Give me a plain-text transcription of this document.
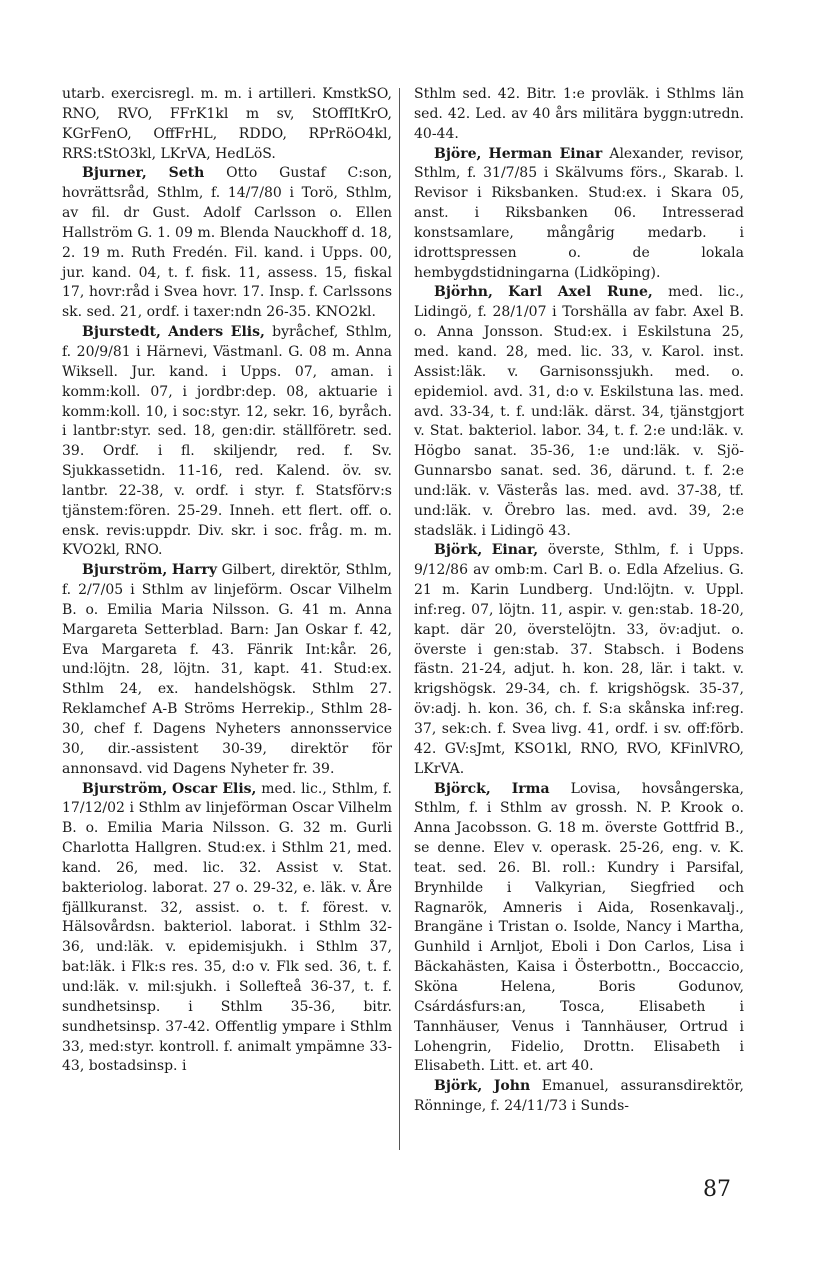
utarb. exercisregl. m. m. i artilleri. KmstkSO, RNO, RVO, FFrK1kl m sv, StOffItKrO, KGrFenO, OffFrHL, RDDO, RPrRöO4kl, RRS:tStO3kl, LKrVA, HedLöS.

Bjurner, Seth Otto Gustaf C:son, hovrättsråd, Sthlm, f. 14/7/80 i Torö, Sthlm, av fil. dr Gust. Adolf Carlsson o. Ellen Hallström G. 1. 09 m. Blenda Nauckhoff d. 18, 2. 19 m. Ruth Fredén. Fil. kand. i Upps. 00, jur. kand. 04, t. f. fisk. 11, assess. 15, fiskal 17, hovr:råd i Svea hovr. 17. Insp. f. Carlssons sk. sed. 21, ordf. i taxer:ndn 26-35. KNO2kl.

Bjurstedt, Anders Elis, byråchef, Sthlm, f. 20/9/81 i Härnevi, Västmanl. G. 08 m. Anna Wiksell. Jur. kand. i Upps. 07, aman. i komm:koll. 07, i jordbr:dep. 08, aktuarie i komm:koll. 10, i soc:styr. 12, sekr. 16, byråch. i lantbr:styr. sed. 18, gen:dir. ställföretr. sed. 39. Ordf. i fl. skiljendr, red. f. Sv. Sjukkassetidn. 11-16, red. Kalend. öv. sv. lantbr. 22-38, v. ordf. i styr. f. Statsförv:s tjänstem:fören. 25-29. Inneh. ett flert. off. o. ensk. revis:uppdr. Div. skr. i soc. fråg. m. m. KVO2kl, RNO.

Bjurström, Harry Gilbert, direktör, Sthlm, f. 2/7/05 i Sthlm av linjeförm. Oscar Vilhelm B. o. Emilia Maria Nilsson. G. 41 m. Anna Margareta Setterblad. Barn: Jan Oskar f. 42, Eva Margareta f. 43. Fänrik Int:kår. 26, und:löjtn. 28, löjtn. 31, kapt. 41. Stud:ex. Sthlm 24, ex. handelshögsk. Sthlm 27. Reklamchef A-B Ströms Herrekip., Sthlm 28-30, chef f. Dagens Nyheters annonsservice 30, dir.-assistent 30-39, direktör för annonsavd. vid Dagens Nyheter fr. 39.

Bjurström, Oscar Elis, med. lic., Sthlm, f. 17/12/02 i Sthlm av linjeförman Oscar Vilhelm B. o. Emilia Maria Nilsson. G. 32 m. Gurli Charlotta Hallgren. Stud:ex. i Sthlm 21, med. kand. 26, med. lic. 32. Assist v. Stat. bakteriolog. laborat. 27 o. 29-32, e. läk. v. Åre fjällkuranst. 32, assist. o. t. f. förest. v. Hälsovårdsn. bakteriol. laborat. i Sthlm 32-36, und:läk. v. epidemisjukh. i Sthlm 37, bat:läk. i Flk:s res. 35, d:o v. Flk sed. 36, t. f. und:läk. v. mil:sjukh. i Sollefteå 36-37, t. f. sundhetsinsp. i Sthlm 35-36, bitr. sundhetsinsp. 37-42. Offentlig ympare i Sthlm 33, med:styr. kontroll. f. animalt ympämne 33-43, bostadsinsp. i

Sthlm sed. 42. Bitr. 1:e provläk. i Sthlms län sed. 42. Led. av 40 års militära byggn:utredn. 40-44.

Björe, Herman Einar Alexander, revisor, Sthlm, f. 31/7/85 i Skälvums förs., Skarab. l. Revisor i Riksbanken. Stud:ex. i Skara 05, anst. i Riksbanken 06. Intresserad konstsamlare, mångårig medarb. i idrottspressen o. de lokala hembygdstidningarna (Lidköping).

Björhn, Karl Axel Rune, med. lic., Lidingö, f. 28/1/07 i Torshälla av fabr. Axel B. o. Anna Jonsson. Stud:ex. i Eskilstuna 25, med. kand. 28, med. lic. 33, v. Karol. inst. Assist:läk. v. Garnisonssjukh. med. o. epidemiol. avd. 31, d:o v. Eskilstuna las. med. avd. 33-34, t. f. und:läk. därst. 34, tjänstgjort v. Stat. bakteriol. labor. 34, t. f. 2:e und:läk. v. Högbo sanat. 35-36, 1:e und:läk. v. Sjö-Gunnarsbo sanat. sed. 36, därund. t. f. 2:e und:läk. v. Västerås las. med. avd. 37-38, tf. und:läk. v. Örebro las. med. avd. 39, 2:e stadsläk. i Lidingö 43.

Björk, Einar, överste, Sthlm, f. i Upps. 9/12/86 av omb:m. Carl B. o. Edla Afzelius. G. 21 m. Karin Lundberg. Und:löjtn. v. Uppl. inf:reg. 07, löjtn. 11, aspir. v. gen:stab. 18-20, kapt. där 20, överstelöjtn. 33, öv:adjut. o. överste i gen:stab. 37. Stabsch. i Bodens fästn. 21-24, adjut. h. kon. 28, lär. i takt. v. krigshögsk. 29-34, ch. f. krigshögsk. 35-37, öv:adj. h. kon. 36, ch. f. S:a skånska inf:reg. 37, sek:ch. f. Svea livg. 41, ordf. i sv. off:förb. 42. GV:sJmt, KSO1kl, RNO, RVO, KFinlVRO, LKrVA.

Björck, Irma Lovisa, hovsångerska, Sthlm, f. i Sthlm av grossh. N. P. Krook o. Anna Jacobsson. G. 18 m. överste Gottfrid B., se denne. Elev v. operask. 25-26, eng. v. K. teat. sed. 26. Bl. roll.: Kundry i Parsifal, Brynhilde i Valkyrian, Siegfried och Ragnarök, Amneris i Aida, Rosenkavalj., Brangäne i Tristan o. Isolde, Nancy i Martha, Gunhild i Arnljot, Eboli i Don Carlos, Lisa i Bäckahästen, Kaisa i Österbottn., Boccaccio, Sköna Helena, Boris Godunov, Csárdásfurs:an, Tosca, Elisabeth i Tannhäuser, Venus i Tannhäuser, Ortrud i Lohengrin, Fidelio, Drottn. Elisabeth i Elisabeth. Litt. et. art 40.

Björk, John Emanuel, assuransdirektör, Rönninge, f. 24/11/73 i Sunds-

87
